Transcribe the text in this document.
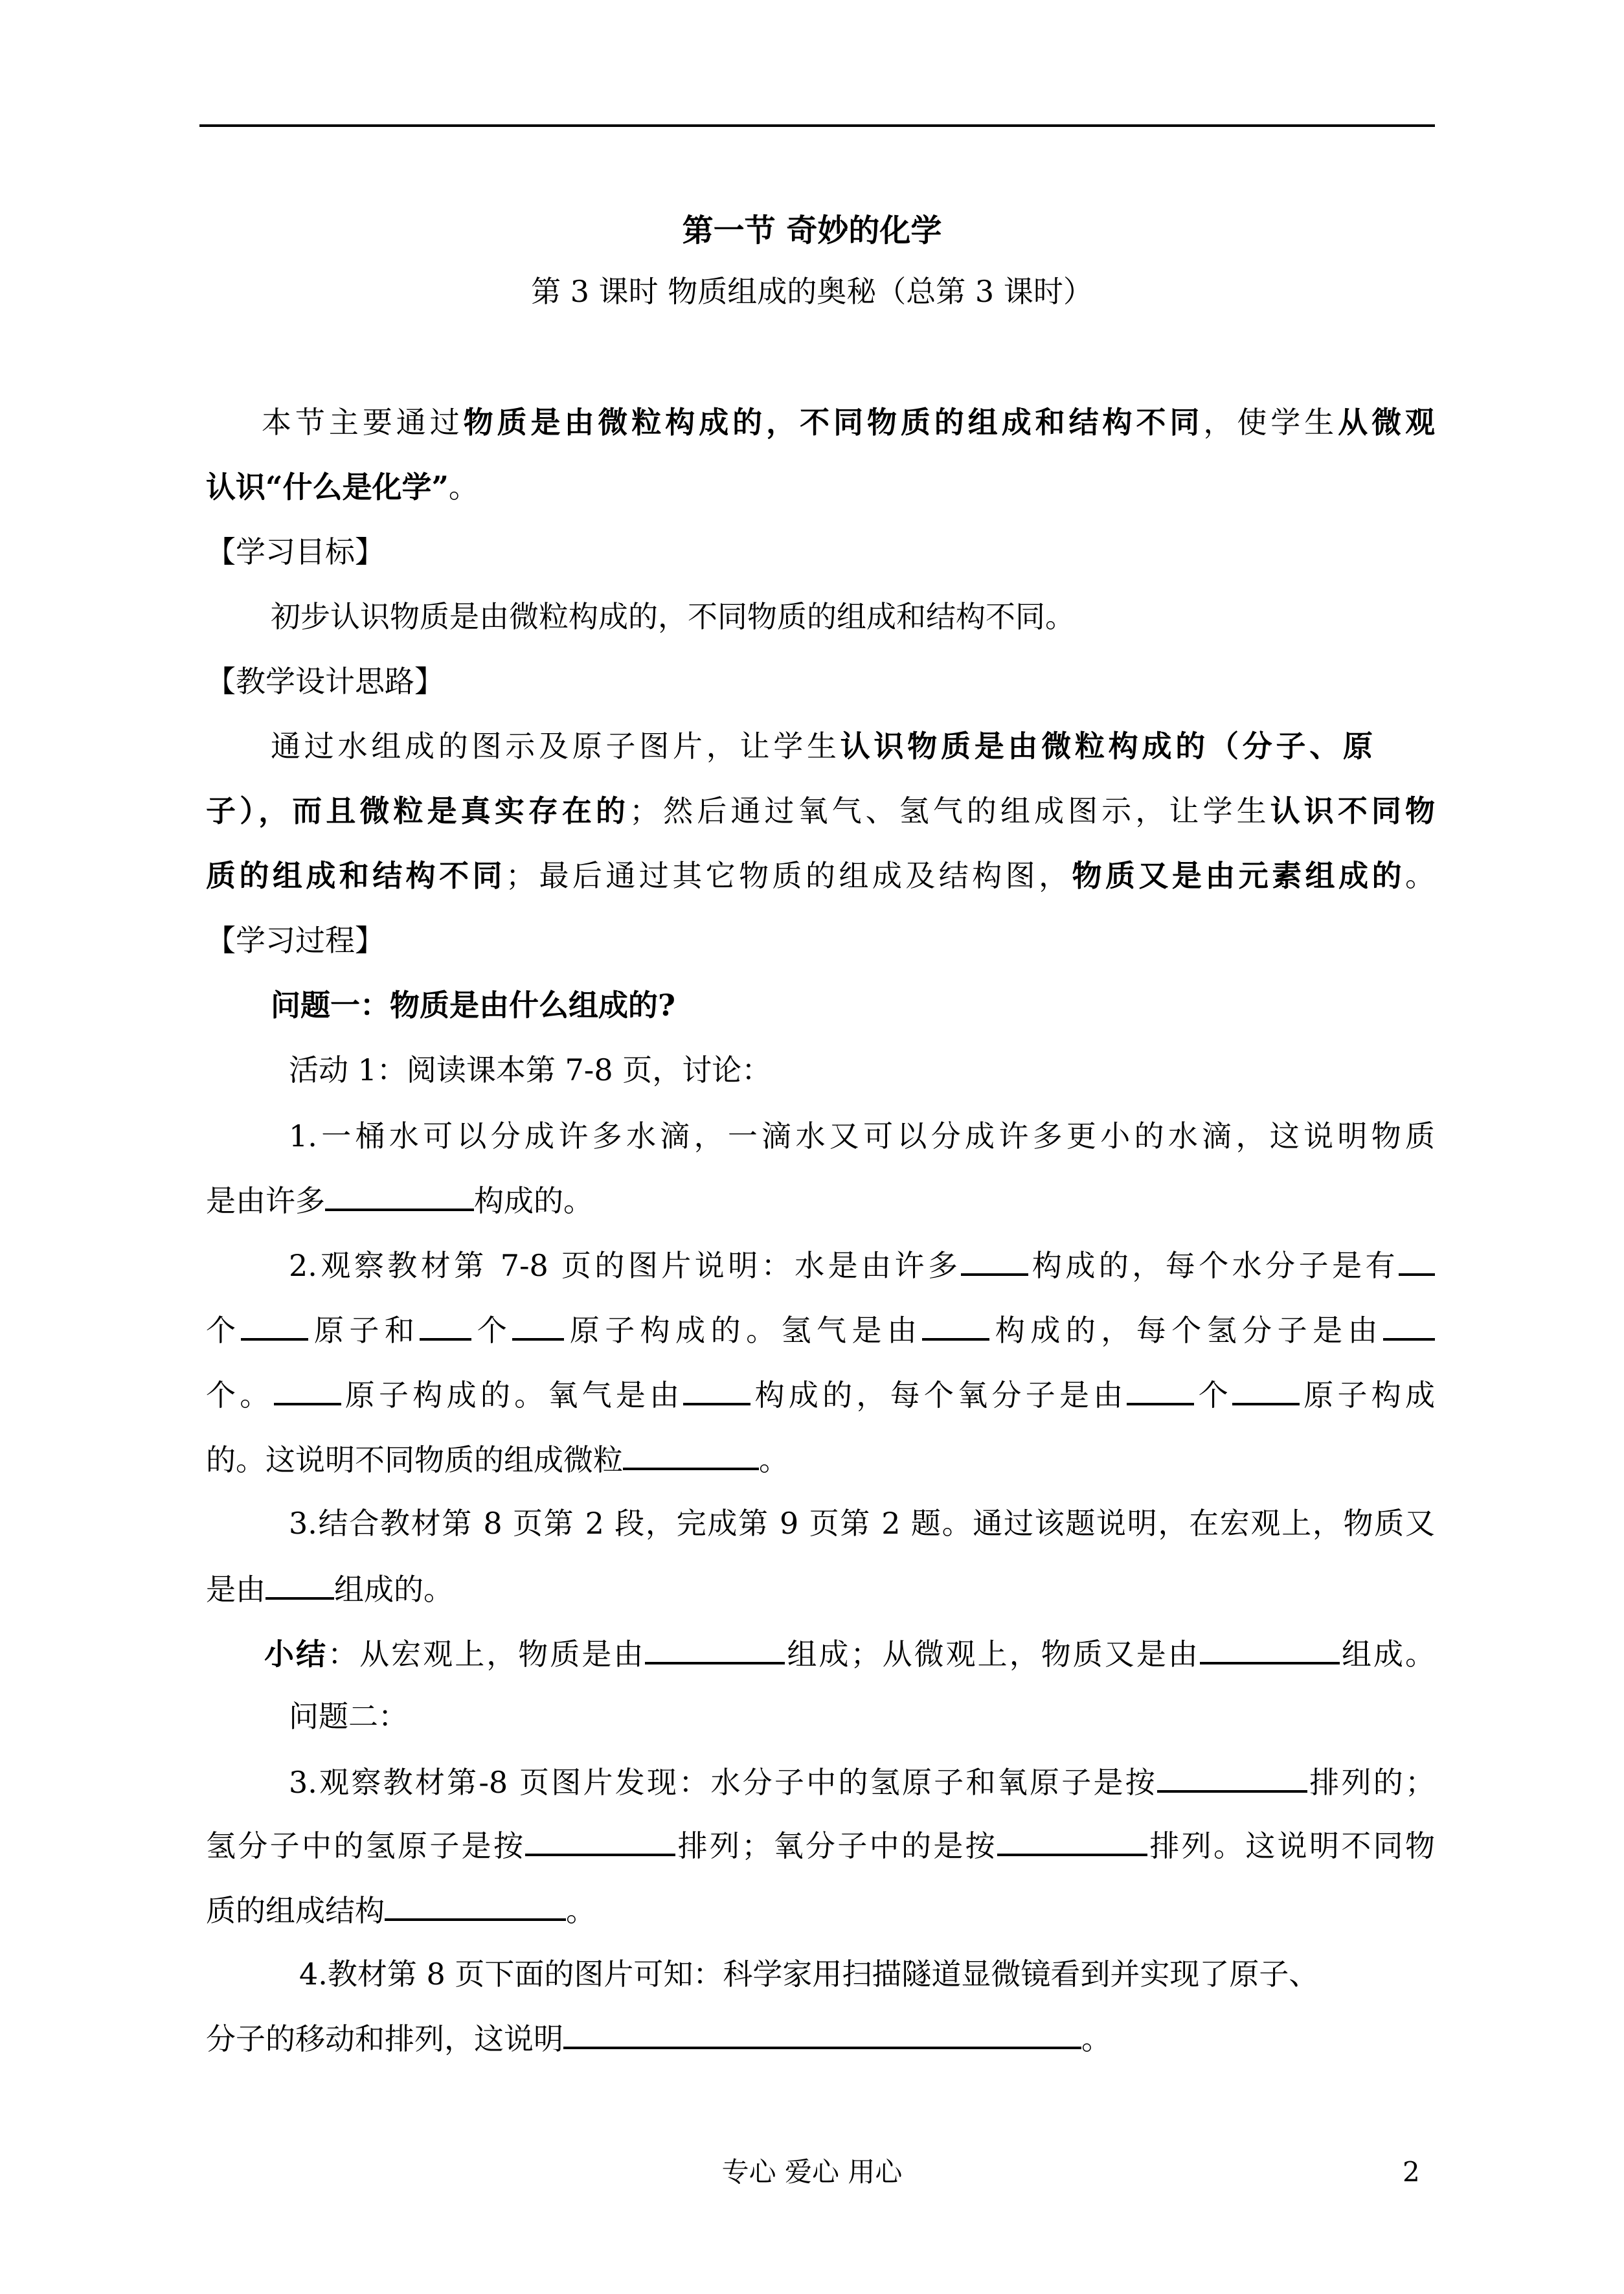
第一节 奇妙的化学
第 3 课时 物质组成的奥秘（总第 3 课时）
本节主要通过物质是由微粒构成的，不同物质的组成和结构不同，使学生从微观
认识“什么是化学”。
【学习目标】
初步认识物质是由微粒构成的，不同物质的组成和结构不同。
【教学设计思路】
通过水组成的图示及原子图片，让学生认识物质是由微粒构成的（分子、原
子），而且微粒是真实存在的；然后通过氧气、氢气的组成图示，让学生认识不同物
质的组成和结构不同；最后通过其它物质的组成及结构图，物质又是由元素组成的。
【学习过程】
问题一：物质是由什么组成的?
活动 1：阅读课本第 7-8 页，讨论：
1.一桶水可以分成许多水滴，一滴水又可以分成许多更小的水滴，这说明物质
是由许多	构成的。
2.观察教材第 7-8 页的图片说明：水是由许多 构成的，每个水分子是有
个 原子和 个 原子构成的。氢气是由 构成的，每个氢分子是由
个。 原子构成的。氧气是由 构成的，每个氧分子是由 个 原子构成
的。这说明不同物质的组成微粒	。
3.结合教材第 8 页第 2 段，完成第 9 页第 2 题。通过该题说明，在宏观上，物质又
是由 组成的。
小结：从宏观上，物质是由	组成；从微观上，物质又是由	组成。
问题二：
3.观察教材第-8 页图片发现：水分子中的氢原子和氧原子是按	排列的；
氢分子中的氢原子是按	排列；氧分子中的是按	排列。这说明不同物
质的组成结构	。
4.教材第 8 页下面的图片可知：科学家用扫描隧道显微镜看到并实现了原子、
分子的移动和排列，这说明	。
专心 爱心 用心	2
